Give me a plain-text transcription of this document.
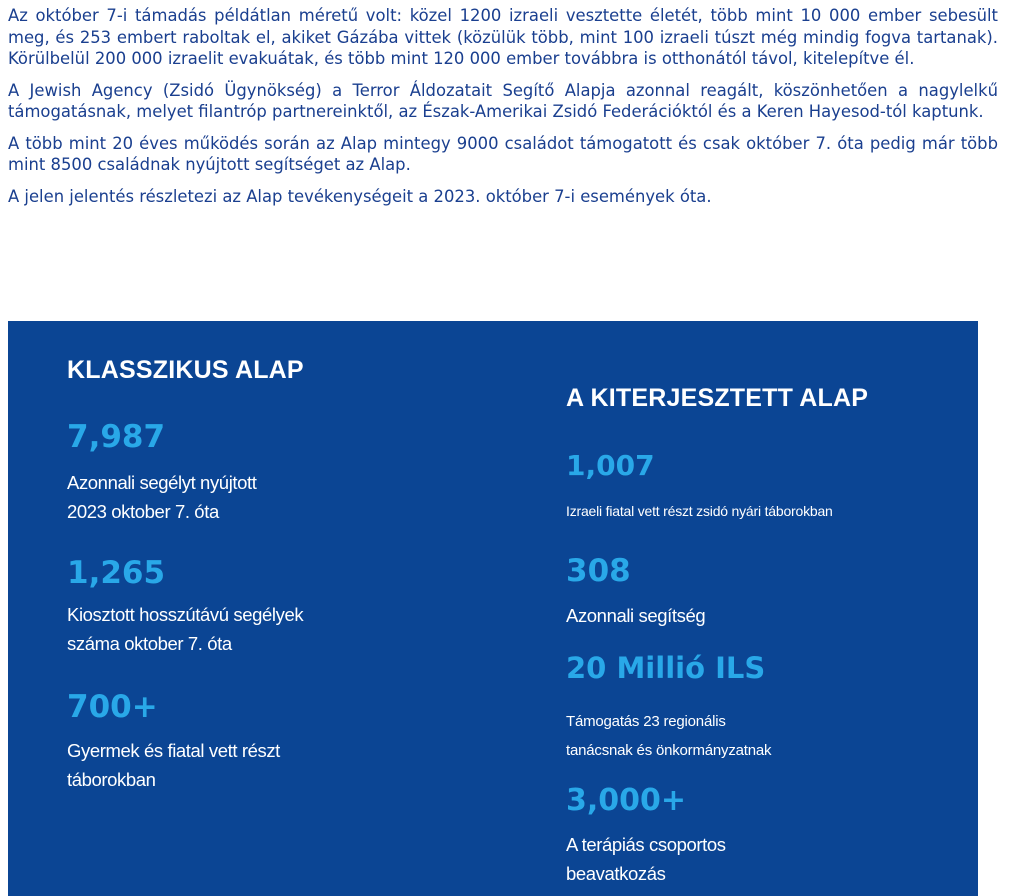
Az október 7-i támadás példátlan méretű volt: közel 1200 izraeli vesztette életét, több mint 10 000 ember sebesült meg, és 253 embert raboltak el, akiket Gázába vittek (közülük több, mint 100 izraeli túszt még mindig fogva tartanak). Körülbelül 200 000 izraelit evakuátak, és több mint 120 000 ember továbbra is otthonától távol, kitelepítve él.

A Jewish Agency (Zsidó Ügynökség) a Terror Áldozatait Segítő Alapja azonnal reagált, köszönhetően a nagylelkű támogatásnak, melyet filantróp partnereinktől, az Észak-Amerikai Zsidó Federációktól és a Keren Hayesod-tól kaptunk.

A több mint 20 éves működés során az Alap mintegy 9000 családot támogatott és csak október 7. óta pedig már több mint 8500 családnak nyújtott segítséget az Alap.

A jelen jelentés részletezi az Alap tevékenységeit a 2023. október 7-i események óta.

KLASSZIKUS ALAP
7,987
Azonnali segélyt nyújtott
2023 oktober 7. óta
1,265
Kiosztott hosszútávú segélyek
száma oktober 7. óta
700+
Gyermek és fiatal vett részt
táborokban
A KITERJESZTETT ALAP
1,007
Izraeli fiatal vett részt zsidó nyári táborokban
308
Azonnali segítség
20 Millió ILS
Támogatás 23 regionális
tanácsnak és önkormányzatnak
3,000+
A terápiás csoportos
beavatkozás
